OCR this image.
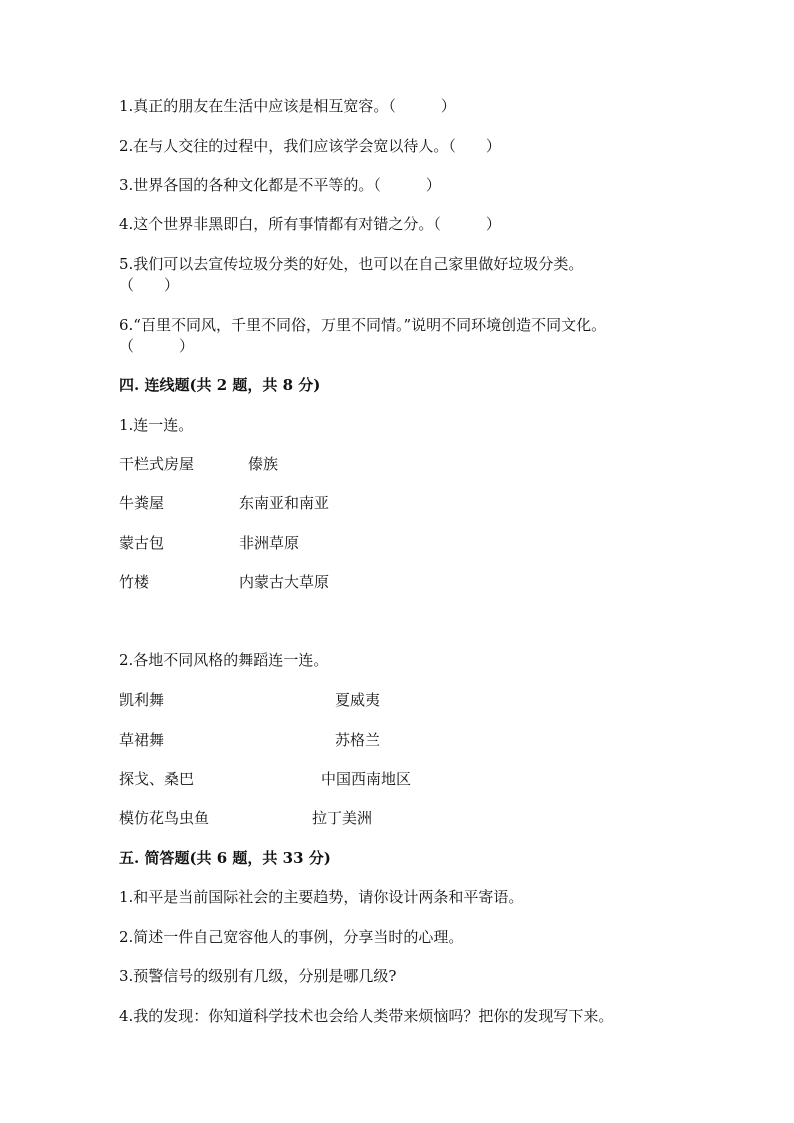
1.真正的朋友在生活中应该是相互宽容。（　　　）
2.在与人交往的过程中，我们应该学会宽以待人。（　　）
3.世界各国的各种文化都是不平等的。（　　　）
4.这个世界非黑即白，所有事情都有对错之分。（　　　）
5.我们可以去宣传垃圾分类的好处，也可以在自己家里做好垃圾分类。
（　　）
6.“百里不同风，千里不同俗，万里不同情。”说明不同环境创造不同文化。
（　　　）
四. 连线题(共 2 题，共 8 分)
1.连一连。
干栏式房屋	傣族
牛粪屋	东南亚和南亚
蒙古包	非洲草原
竹楼	内蒙古大草原
2.各地不同风格的舞蹈连一连。
凯利舞	夏威夷
草裙舞	苏格兰
探戈、桑巴	中国西南地区
模仿花鸟虫鱼	拉丁美洲
五. 简答题(共 6 题，共 33 分)
1.和平是当前国际社会的主要趋势，请你设计两条和平寄语。
2.简述一件自己宽容他人的事例，分享当时的心理。
3.预警信号的级别有几级，分别是哪几级?
4.我的发现：你知道科学技术也会给人类带来烦恼吗？把你的发现写下来。
